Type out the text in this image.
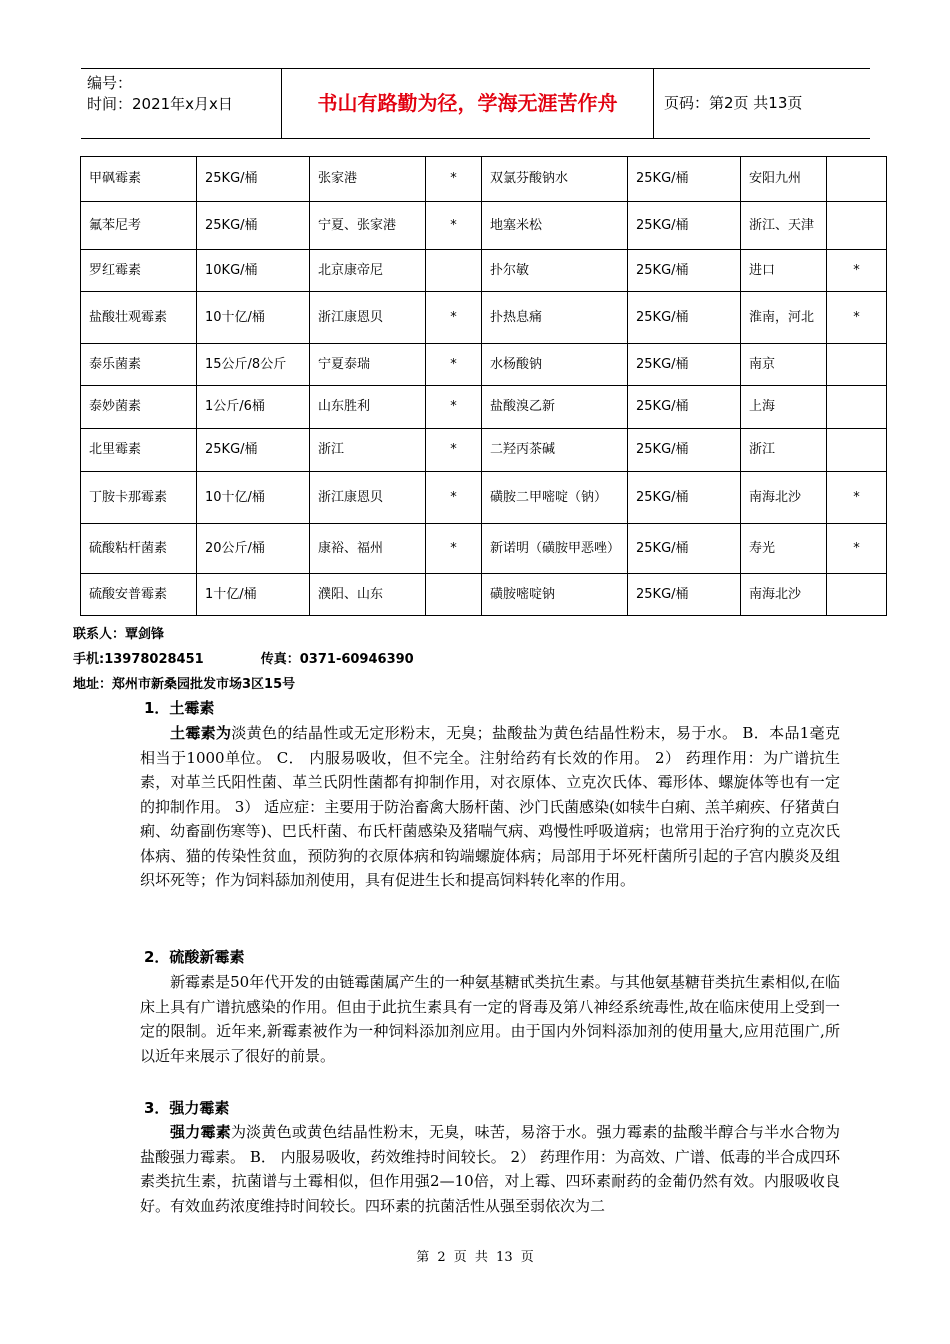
编号：
时间：2021年x月x日	书山有路勤为径，学海无涯苦作舟	页码：第2页 共13页
甲砜霉素	25KG/桶	张家港	*	双氯芬酸钠水	25KG/桶	安阳九州	
氟苯尼考	25KG/桶	宁夏、张家港	*	地塞米松	25KG/桶	浙江、天津	
罗红霉素	10KG/桶	北京康帝尼		扑尔敏	25KG/桶	进口	*
盐酸壮观霉素	10十亿/桶	浙江康恩贝	*	扑热息痛	25KG/桶	淮南，河北	*
泰乐菌素	15公斤/8公斤	宁夏泰瑞	*	水杨酸钠	25KG/桶	南京	
泰妙菌素	1公斤/6桶	山东胜利	*	盐酸溴乙新	25KG/桶	上海	
北里霉素	25KG/桶	浙江	*	二羟丙茶碱	25KG/桶	浙江	
丁胺卡那霉素	10十亿/桶	浙江康恩贝	*	磺胺二甲嘧啶（钠）	25KG/桶	南海北沙	*
硫酸粘杆菌素	20公斤/桶	康裕、福州	*	新诺明（磺胺甲恶唑）	25KG/桶	寿光	*
硫酸安普霉素	1十亿/桶	濮阳、山东		磺胺嘧啶钠	25KG/桶	南海北沙	
联系人：覃剑锋
手机:13978028451	传真：0371-60946390
地址：郑州市新桑园批发市场3区15号
1．土霉素

土霉素为淡黄色的结晶性或无定形粉末，无臭；盐酸盐为黄色结晶性粉末，易于水。 B．本品1毫克相当于1000单位。 C． 内服易吸收，但不完全。注射给药有长效的作用。 2） 药理作用：为广谱抗生素，对革兰氏阳性菌、革兰氏阴性菌都有抑制作用，对衣原体、立克次氏体、霉形体、螺旋体等也有一定的抑制作用。 3） 适应症：主要用于防治畜禽大肠杆菌、沙门氏菌感染(如犊牛白痢、羔羊痢疾、仔猪黄白痢、幼畜副伤寒等)、巴氏杆菌、布氏杆菌感染及猪喘气病、鸡慢性呼吸道病；也常用于治疗狗的立克次氏体病、猫的传染性贫血，预防狗的衣原体病和钩端螺旋体病；局部用于坏死杆菌所引起的子宫内膜炎及组织坏死等；作为饲料舔加剂使用，具有促进生长和提高饲料转化率的作用。

2．硫酸新霉素

新霉素是50年代开发的由链霉菌属产生的一种氨基糖甙类抗生素。与其他氨基糖苷类抗生素相似,在临床上具有广谱抗感染的作用。但由于此抗生素具有一定的肾毒及第八神经系统毒性,故在临床使用上受到一定的限制。近年来,新霉素被作为一种饲料添加剂应用。由于国内外饲料添加剂的使用量大,应用范围广,所以近年来展示了很好的前景。

3．强力霉素

强力霉素为淡黄色或黄色结晶性粉末，无臭，味苦，易溶于水。强力霉素的盐酸半醇合与半水合物为盐酸强力霉素。 B． 内服易吸收，药效维持时间较长。 2） 药理作用：为高效、广谱、低毒的半合成四环素类抗生素，抗菌谱与土霉相似，但作用强2—10倍，对上霉、四环素耐药的金葡仍然有效。内服吸收良好。有效血药浓度维持时间较长。四环素的抗菌活性从强至弱依次为二

第 2 页 共 13 页
